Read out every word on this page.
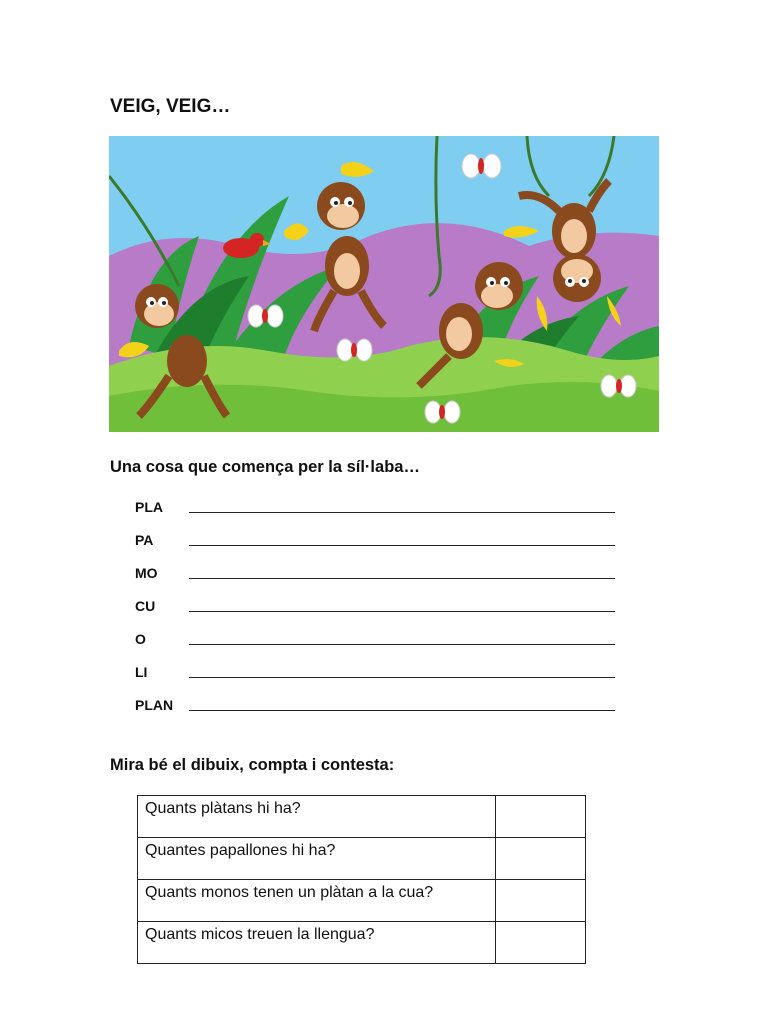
VEIG, VEIG…
Una cosa que comença per la síl·laba…
PLA
PA
MO
CU
O
LI
PLAN
Mira bé el dibuix, compta i contesta:
Quants plàtans hi ha?	
Quantes papallones hi ha?	
Quants monos tenen un plàtan a la cua?	
Quants micos treuen la llengua?	
